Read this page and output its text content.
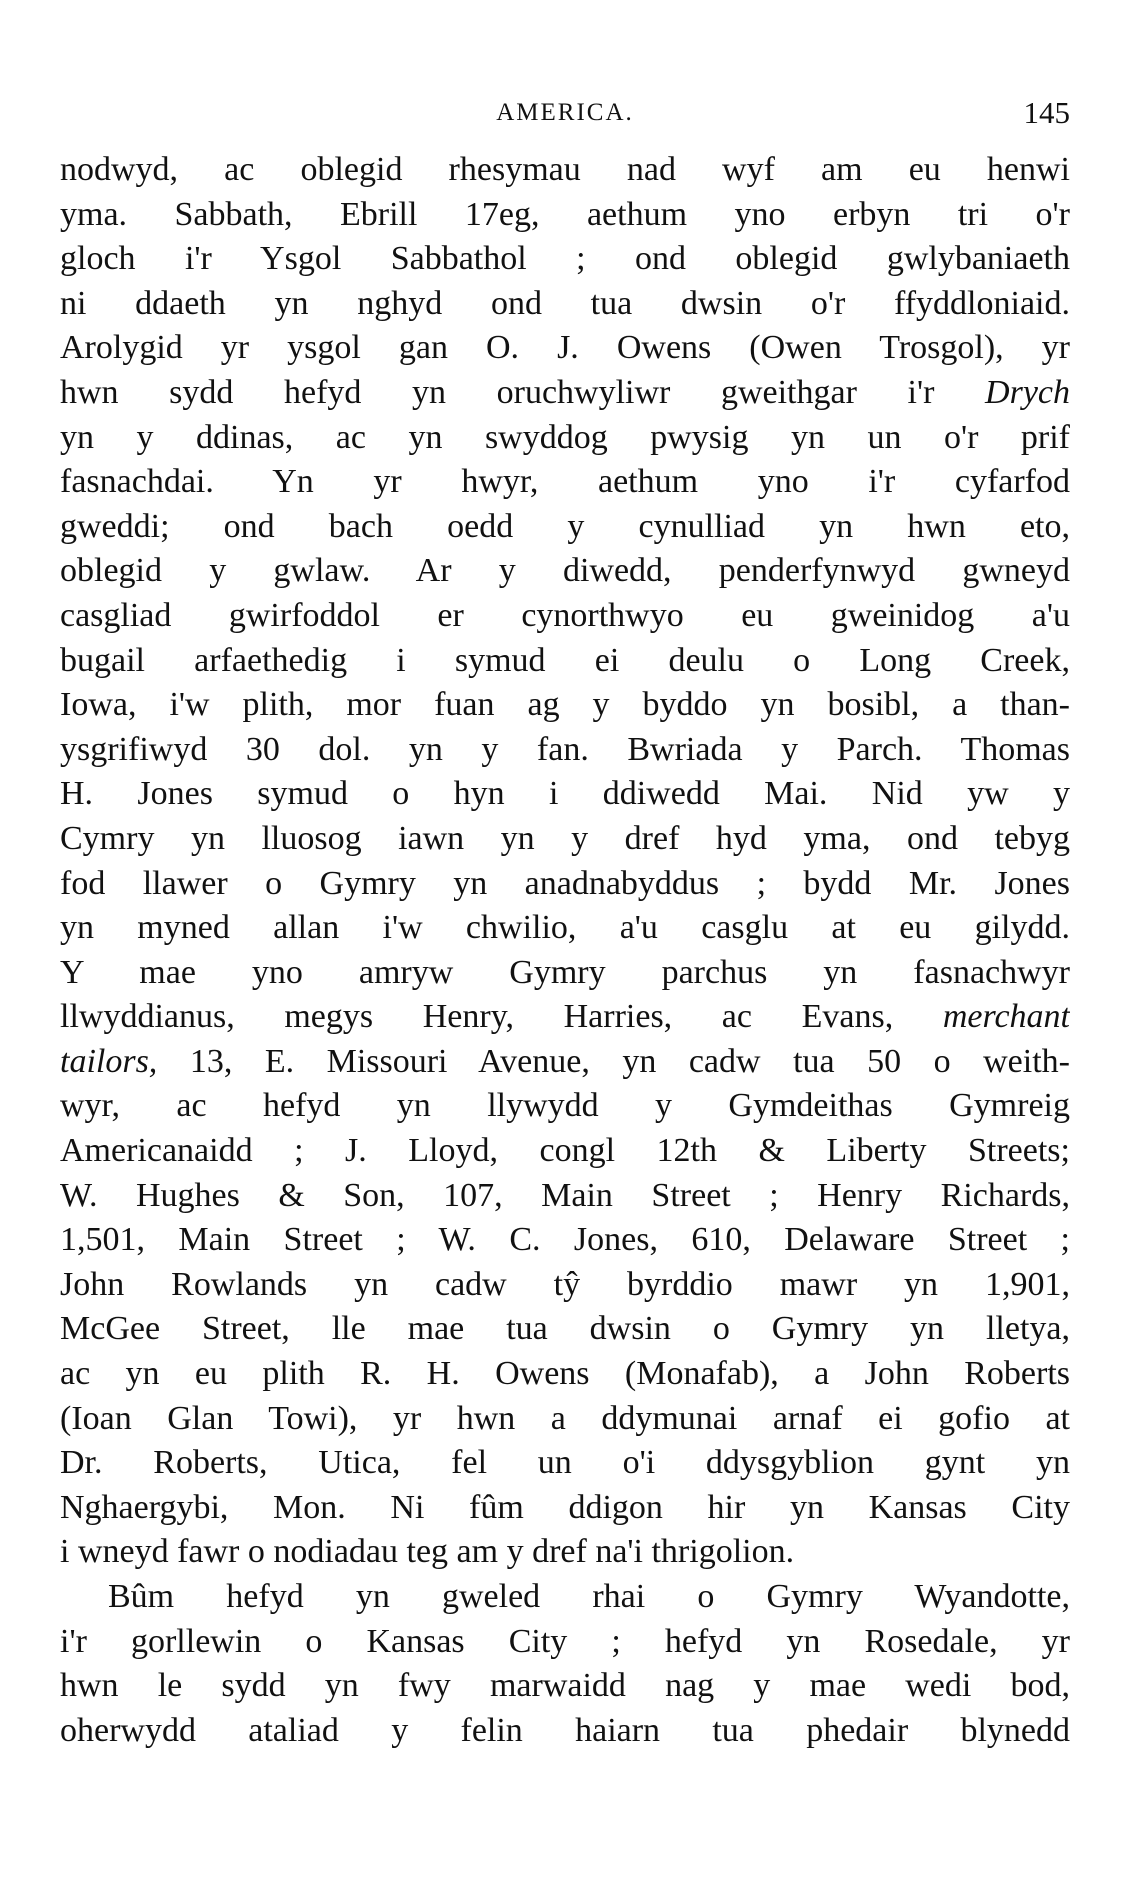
AMERICA.	145
nodwyd, ac oblegid rhesymau nad wyf am eu henwi
yma. Sabbath, Ebrill 17eg, aethum yno erbyn tri o'r
gloch i'r Ysgol Sabbathol ; ond oblegid gwlybaniaeth
ni ddaeth yn nghyd ond tua dwsin o'r ffyddloniaid.
Arolygid yr ysgol gan O. J. Owens (Owen Trosgol), yr
hwn sydd hefyd yn oruchwyliwr gweithgar i'r Drych
yn y ddinas, ac yn swyddog pwysig yn un o'r prif
fasnachdai. Yn yr hwyr, aethum yno i'r cyfarfod
gweddi; ond bach oedd y cynulliad yn hwn eto,
oblegid y gwlaw. Ar y diwedd, penderfynwyd gwneyd
casgliad gwirfoddol er cynorthwyo eu gweinidog a'u
bugail arfaethedig i symud ei deulu o Long Creek,
Iowa, i'w plith, mor fuan ag y byddo yn bosibl, a than-
ysgrifiwyd 30 dol. yn y fan. Bwriada y Parch. Thomas
H. Jones symud o hyn i ddiwedd Mai. Nid yw y
Cymry yn lluosog iawn yn y dref hyd yma, ond tebyg
fod llawer o Gymry yn anadnabyddus ; bydd Mr. Jones
yn myned allan i'w chwilio, a'u casglu at eu gilydd.
Y mae yno amryw Gymry parchus yn fasnachwyr
llwyddianus, megys Henry, Harries, ac Evans, merchant
tailors, 13, E. Missouri Avenue, yn cadw tua 50 o weith-
wyr, ac hefyd yn llywydd y Gymdeithas Gymreig
Americanaidd ; J. Lloyd, congl 12th & Liberty Streets;
W. Hughes & Son, 107, Main Street ; Henry Richards,
1,501, Main Street ; W. C. Jones, 610, Delaware Street ;
John Rowlands yn cadw tŷ byrddio mawr yn 1,901,
McGee Street, lle mae tua dwsin o Gymry yn lletya,
ac yn eu plith R. H. Owens (Monafab), a John Roberts
(Ioan Glan Towi), yr hwn a ddymunai arnaf ei gofio at
Dr. Roberts, Utica, fel un o'i ddysgyblion gynt yn
Nghaergybi, Mon. Ni fûm ddigon hir yn Kansas City
i wneyd fawr o nodiadau teg am y dref na'i thrigolion.
Bûm hefyd yn gweled rhai o Gymry Wyandotte,
i'r gorllewin o Kansas City ; hefyd yn Rosedale, yr
hwn le sydd yn fwy marwaidd nag y mae wedi bod,
oherwydd ataliad y felin haiarn tua phedair blynedd
